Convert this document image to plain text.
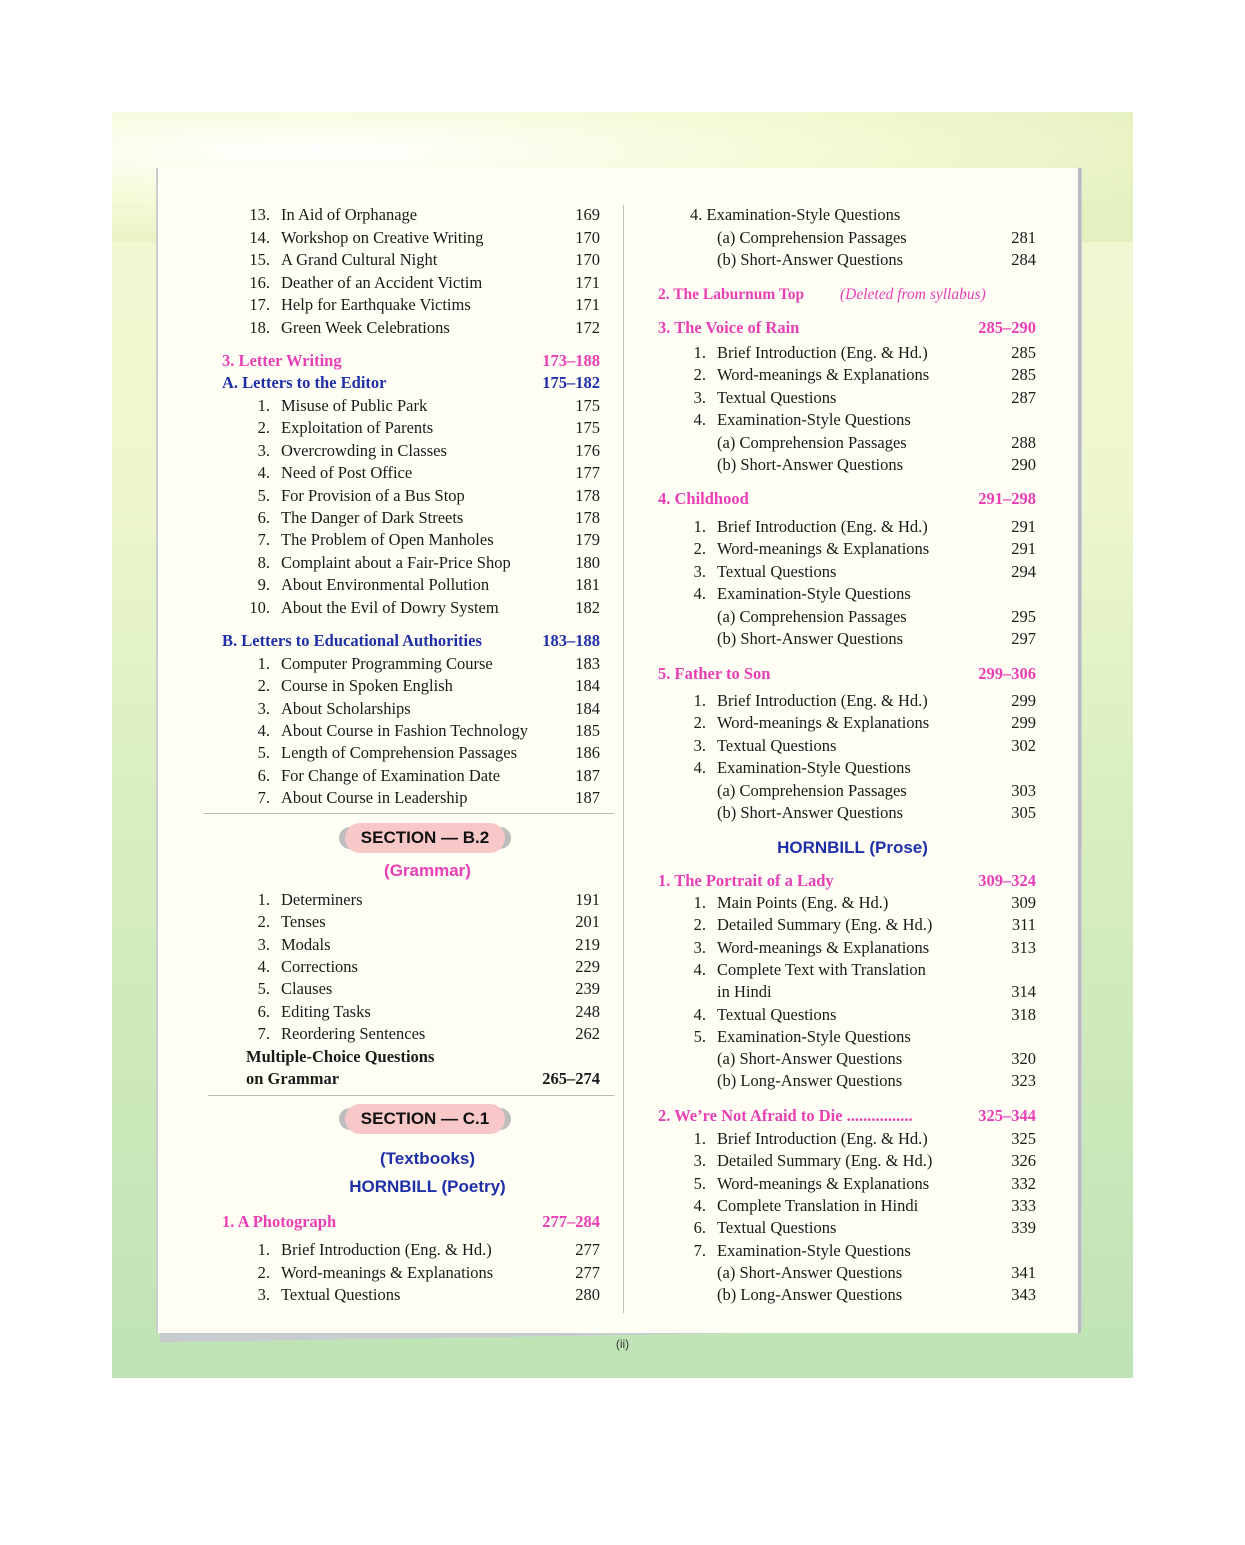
3. Letter Writing	173–188
A. Letters to the Editor	175–182
B. Letters to Educational Authorities	183–188
SECTION — B.2
(Grammar)
Multiple-Choice Questions
on Grammar	265–274
SECTION — C.1
(Textbooks)
HORNBILL (Poetry)
1. A Photograph	277–284
4. Examination-Style Questions
(a) Comprehension Passages	281
(b) Short-Answer Questions	284
2. The Laburnum Top (Deleted from syllabus)
HORNBILL (Prose)
(ii)
13. In Aid of Orphanage	169
14. Workshop on Creative Writing	170
15. A Grand Cultural Night	170
16. Deather of an Accident Victim	171
17. Help for Earthquake Victims	171
18. Green Week Celebrations	172
1. Misuse of Public Park	175
2. Exploitation of Parents	175
3. Overcrowding in Classes	176
4. Need of Post Office	177
5. For Provision of a Bus Stop	178
6. The Danger of Dark Streets	178
7. The Problem of Open Manholes	179
8. Complaint about a Fair-Price Shop	180
9. About Environmental Pollution	181
10. About the Evil of Dowry System	182
1. Computer Programming Course	183
2. Course in Spoken English	184
3. About Scholarships	184
4. About Course in Fashion Technology	185
5. Length of Comprehension Passages	186
6. For Change of Examination Date	187
7. About Course in Leadership	187
1. Determiners	191
2. Tenses	201
3. Modals	219
4. Corrections	229
5. Clauses	239
6. Editing Tasks	248
7. Reordering Sentences	262
1. Brief Introduction (Eng. & Hd.)	277
2. Word-meanings & Explanations	277
3. Textual Questions	280
3. The Voice of Rain	285–290
1. Brief Introduction (Eng. & Hd.)	285
2. Word-meanings & Explanations	285
3. Textual Questions	287
4. Examination-Style Questions
(a) Comprehension Passages	288
(b) Short-Answer Questions	290
4. Childhood	291–298
1. Brief Introduction (Eng. & Hd.)	291
2. Word-meanings & Explanations	291
3. Textual Questions	294
4. Examination-Style Questions
(a) Comprehension Passages	295
(b) Short-Answer Questions	297
5. Father to Son	299–306
1. Brief Introduction (Eng. & Hd.)	299
2. Word-meanings & Explanations	299
3. Textual Questions	302
4. Examination-Style Questions
(a) Comprehension Passages	303
(b) Short-Answer Questions	305
1. The Portrait of a Lady	309–324
1. Main Points (Eng. & Hd.)	309
2. Detailed Summary (Eng. & Hd.)	311
3. Word-meanings & Explanations	313
4. Complete Text with Translation
in Hindi	314
4. Textual Questions	318
5. Examination-Style Questions
(a) Short-Answer Questions	320
(b) Long-Answer Questions	323
2. We’re Not Afraid to Die ................	325–344
1. Brief Introduction (Eng. & Hd.)	325
3. Detailed Summary (Eng. & Hd.)	326
5. Word-meanings & Explanations	332
4. Complete Translation in Hindi	333
6. Textual Questions	339
7. Examination-Style Questions
(a) Short-Answer Questions	341
(b) Long-Answer Questions	343
